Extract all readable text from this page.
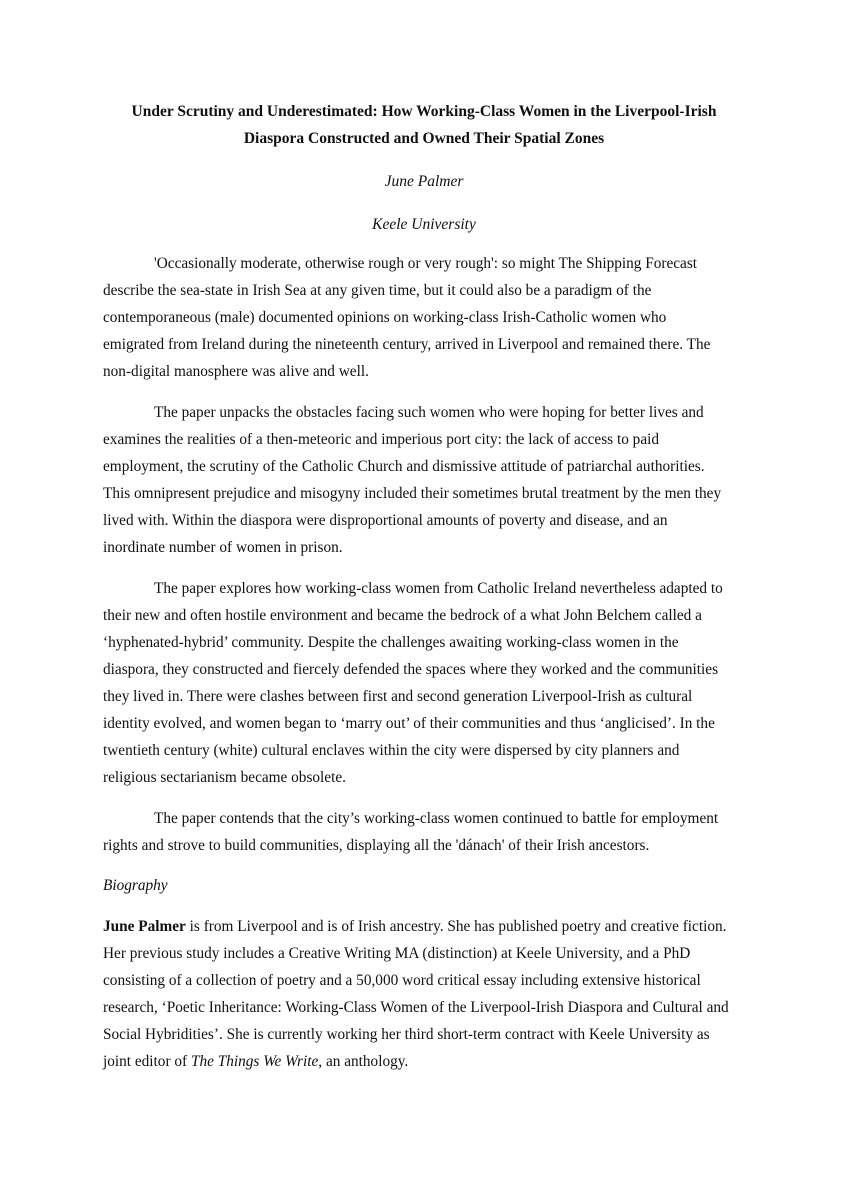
Under Scrutiny and Underestimated: How Working-Class Women in the Liverpool-Irish
Diaspora Constructed and Owned Their Spatial Zones

June Palmer

Keele University

'Occasionally moderate, otherwise rough or very rough': so might The Shipping Forecast
describe the sea-state in Irish Sea at any given time, but it could also be a paradigm of the
contemporaneous (male) documented opinions on working-class Irish-Catholic women who
emigrated from Ireland during the nineteenth century, arrived in Liverpool and remained there. The
non-digital manosphere was alive and well.

The paper unpacks the obstacles facing such women who were hoping for better lives and
examines the realities of a then-meteoric and imperious port city: the lack of access to paid
employment, the scrutiny of the Catholic Church and dismissive attitude of patriarchal authorities.
This omnipresent prejudice and misogyny included their sometimes brutal treatment by the men they
lived with. Within the diaspora were disproportional amounts of poverty and disease, and an
inordinate number of women in prison.

The paper explores how working-class women from Catholic Ireland nevertheless adapted to
their new and often hostile environment and became the bedrock of a what John Belchem called a
‘hyphenated-hybrid’ community. Despite the challenges awaiting working-class women in the
diaspora, they constructed and fiercely defended the spaces where they worked and the communities
they lived in. There were clashes between first and second generation Liverpool-Irish as cultural
identity evolved, and women began to ‘marry out’ of their communities and thus ‘anglicised’. In the
twentieth century (white) cultural enclaves within the city were dispersed by city planners and
religious sectarianism became obsolete.

The paper contends that the city’s working-class women continued to battle for employment
rights and strove to build communities, displaying all the 'dánach' of their Irish ancestors.

Biography

June Palmer is from Liverpool and is of Irish ancestry. She has published poetry and creative fiction.
Her previous study includes a Creative Writing MA (distinction) at Keele University, and a PhD
consisting of a collection of poetry and a 50,000 word critical essay including extensive historical
research, ‘Poetic Inheritance: Working-Class Women of the Liverpool-Irish Diaspora and Cultural and
Social Hybridities’. She is currently working her third short-term contract with Keele University as
joint editor of The Things We Write, an anthology.
